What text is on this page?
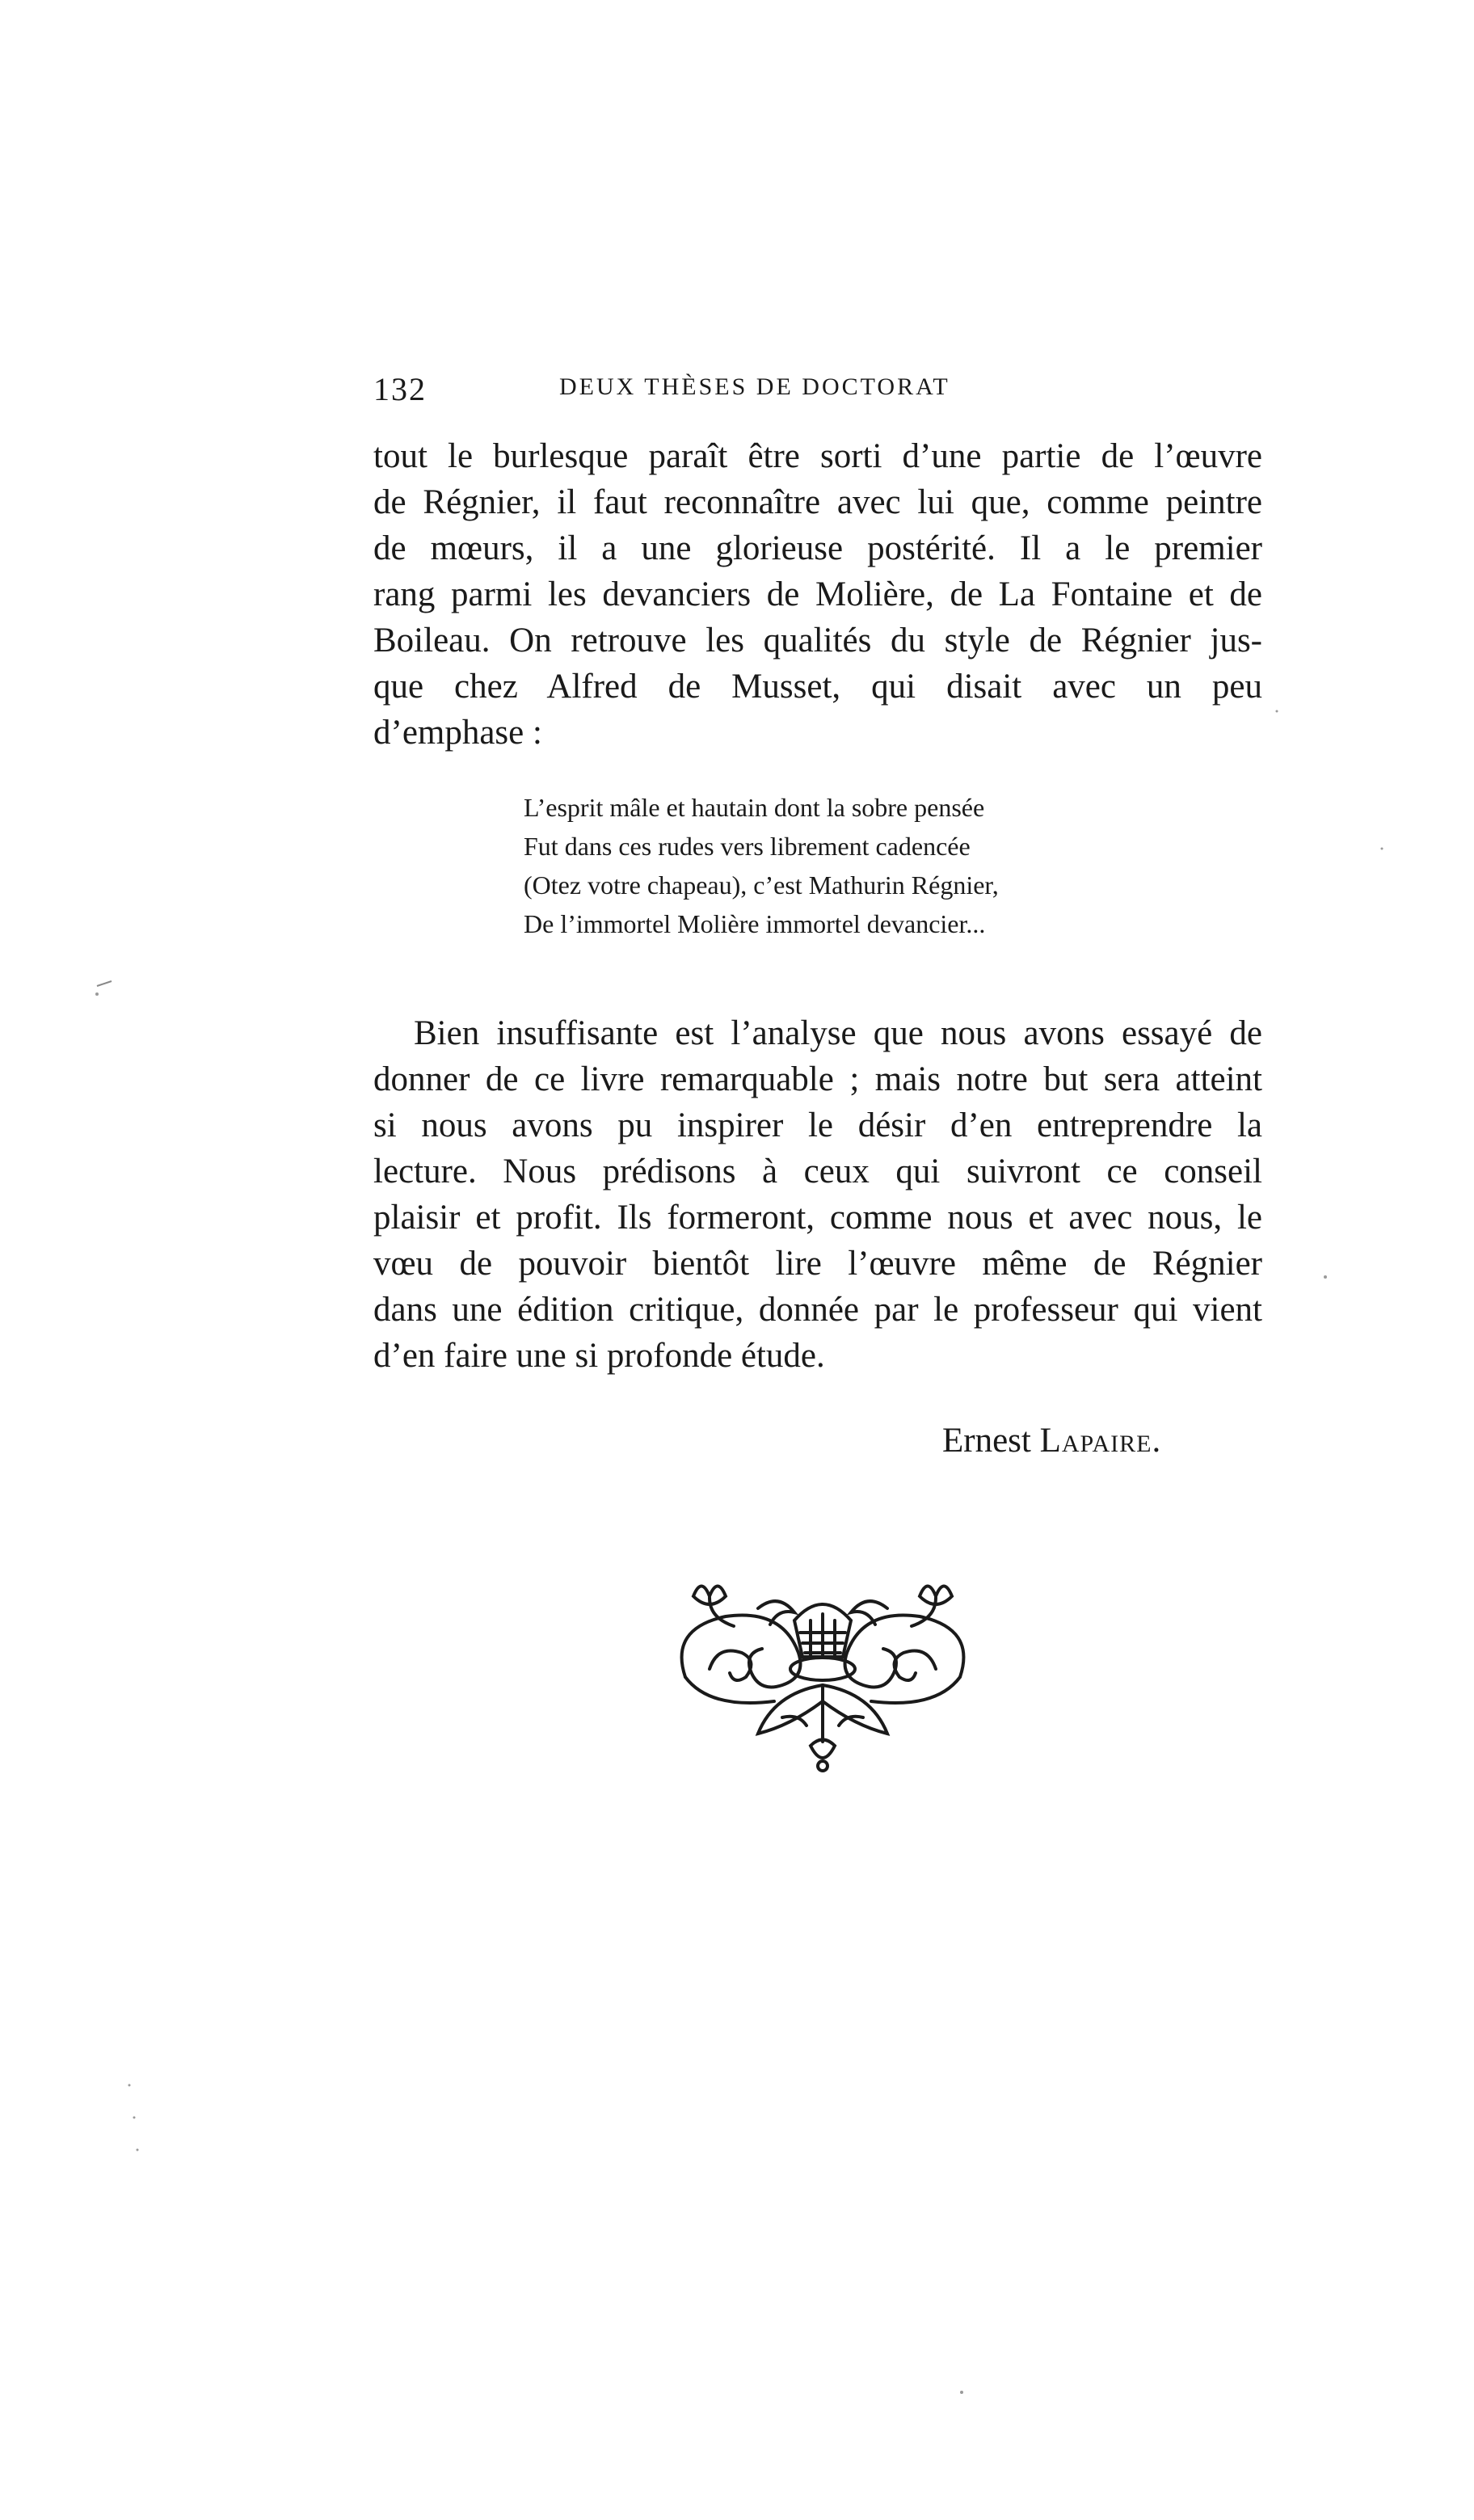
132	DEUX THÈSES DE DOCTORAT
tout le burlesque paraît être sorti d’une partie de l’œuvre
de Régnier, il faut reconnaître avec lui que, comme peintre
de mœurs, il a une glorieuse postérité. Il a le premier
rang parmi les devanciers de Molière, de La Fontaine et de
Boileau. On retrouve les qualités du style de Régnier jus-
que chez Alfred de Musset, qui disait avec un peu
d’emphase :
L’esprit mâle et hautain dont la sobre pensée
Fut dans ces rudes vers librement cadencée
(Otez votre chapeau), c’est Mathurin Régnier,
De l’immortel Molière immortel devancier...
Bien insuffisante est l’analyse que nous avons essayé de
donner de ce livre remarquable ; mais notre but sera atteint
si nous avons pu inspirer le désir d’en entreprendre la
lecture. Nous prédisons à ceux qui suivront ce conseil
plaisir et profit. Ils formeront, comme nous et avec nous, le
vœu de pouvoir bientôt lire l’œuvre même de Régnier
dans une édition critique, donnée par le professeur qui vient
d’en faire une si profonde étude.
Ernest Lapaire.
